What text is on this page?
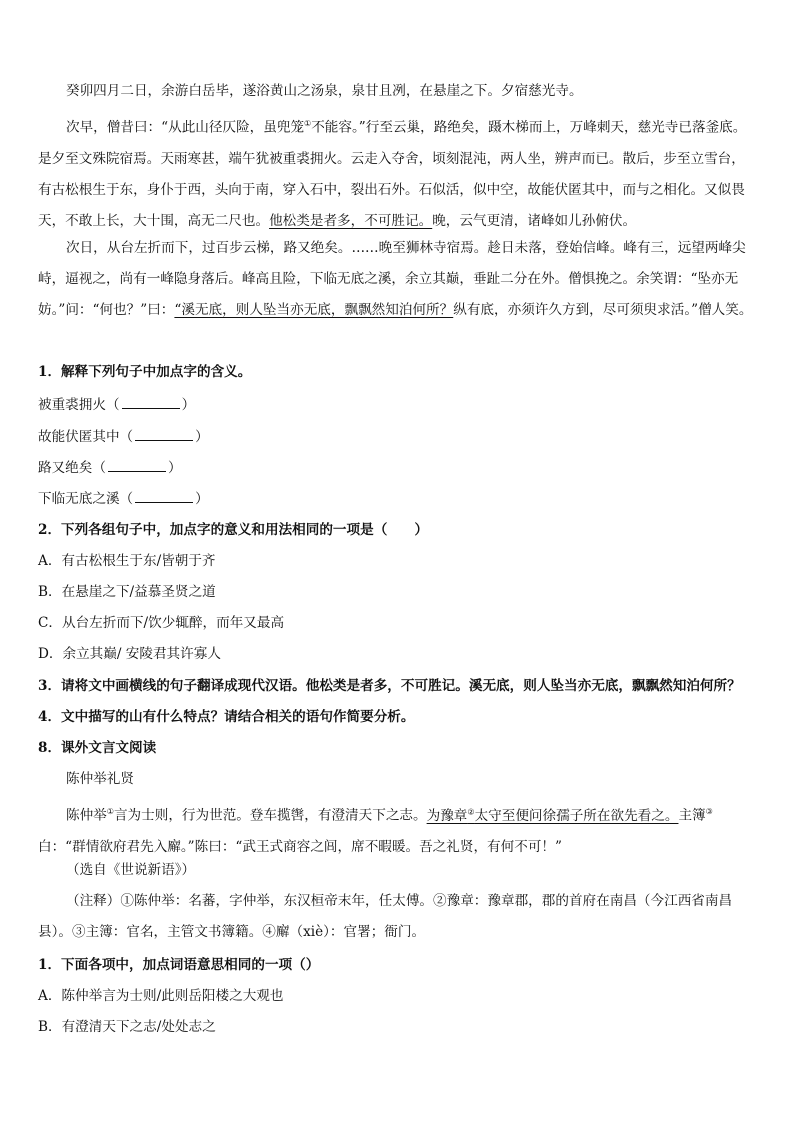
癸卯四月二日，余游白岳毕，遂浴黄山之汤泉，泉甘且冽，在悬崖之下。夕宿慈光寺。
次早，僧昔曰：“从此山径仄险，虽兜笼①不能容。”行至云巢，路绝矣，蹑木梯而上，万峰刺天，慈光寺已落釜底。是夕至文殊院宿焉。天雨寒甚，端午犹被重裘拥火。云走入夺舍，顷刻混沌，两人坐，辨声而已。散后，步至立雪台，有古松根生于东，身仆于西，头向于南，穿入石中，裂出石外。石似活，似中空，故能伏匿其中，而与之相化。又似畏天，不敢上长，大十围，高无二尺也。他松类是者多，不可胜记。晚，云气更清，诸峰如儿孙俯伏。
次日，从台左折而下，过百步云梯，路又绝矣。……晚至狮林寺宿焉。趁日未落，登始信峰。峰有三，远望两峰尖峙，逼视之，尚有一峰隐身落后。峰高且险，下临无底之溪，余立其巅，垂趾二分在外。僧惧挽之。余笑谓：“坠亦无妨。”问：“何也？”曰：“溪无底，则人坠当亦无底，飘飘然知泊何所？纵有底，亦须许久方到，尽可须臾求活。”僧人笑。
1．解释下列句子中加点字的含义。
被重裘拥火（	）
故能伏匿其中（	）
路又绝矣（	）
下临无底之溪（	）
2．下列各组句子中，加点字的意义和用法相同的一项是（　　）
A．有古松根生于东/皆朝于齐
B．在悬崖之下/益慕圣贤之道
C．从台左折而下/饮少辄醉，而年又最高
D．余立其巅/ 安陵君其许寡人
3．请将文中画横线的句子翻译成现代汉语。他松类是者多，不可胜记。溪无底，则人坠当亦无底，飘飘然知泊何所？
4．文中描写的山有什么特点？请结合相关的语句作简要分析。
8．课外文言文阅读
陈仲举礼贤
陈仲举①言为士则，行为世范。登车揽辔，有澄清天下之志。为豫章②太守至便问徐孺子所在欲先看之。主簿③白：“群情欲府君先入廨。”陈曰：“武王式商容之闾，席不暇暖。吾之礼贤，有何不可！”
（选自《世说新语》）
（注释）①陈仲举：名蕃，字仲举，东汉桓帝末年，任太傅。②豫章：豫章郡，郡的首府在南昌（今江西省南昌县）。③主簿：官名，主管文书簿籍。④廨（xiè）：官署；衙门。
1．下面各项中，加点词语意思相同的一项（）
A．陈仲举言为士则/此则岳阳楼之大观也
B．有澄清天下之志/处处志之
